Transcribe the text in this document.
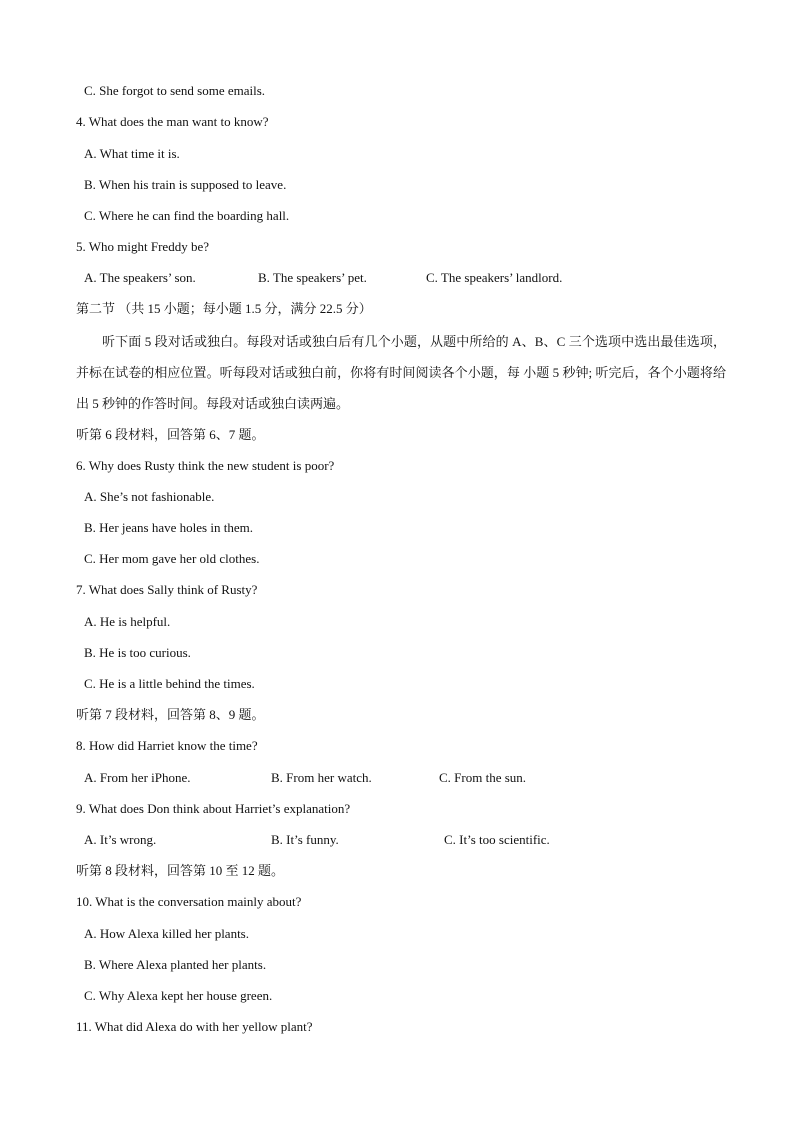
C. She forgot to send some emails.
4. What does the man want to know?
A. What time it is.
B. When his train is supposed to leave.
C. Where he can find the boarding hall.
5. Who might Freddy be?
A. The speakers’ son.	B. The speakers’ pet.	C. The speakers’ landlord.
第二节 （共 15 小题；每小题 1.5 分，满分 22.5 分）
听下面 5 段对话或独白。每段对话或独白后有几个小题，从题中所给的 A、B、C 三个选项中选出最佳选项，并标在试卷的相应位置。听每段对话或独白前，你将有时间阅读各个小题，每 小题 5 秒钟; 听完后，各个小题将给出 5 秒钟的作答时间。每段对话或独白读两遍。
听第 6 段材料，回答第 6、7 题。
6. Why does Rusty think the new student is poor?
A. She’s not fashionable.
B. Her jeans have holes in them.
C. Her mom gave her old clothes.
7. What does Sally think of Rusty?
A. He is helpful.
B. He is too curious.
C. He is a little behind the times.
听第 7 段材料，回答第 8、9 题。
8. How did Harriet know the time?
A. From her iPhone.	B. From her watch.	C. From the sun.
9. What does Don think about Harriet’s explanation?
A. It’s wrong.	B. It’s funny.	C. It’s too scientific.
听第 8 段材料，回答第 10 至 12 题。
10. What is the conversation mainly about?
A. How Alexa killed her plants.
B. Where Alexa planted her plants.
C. Why Alexa kept her house green.
11. What did Alexa do with her yellow plant?
